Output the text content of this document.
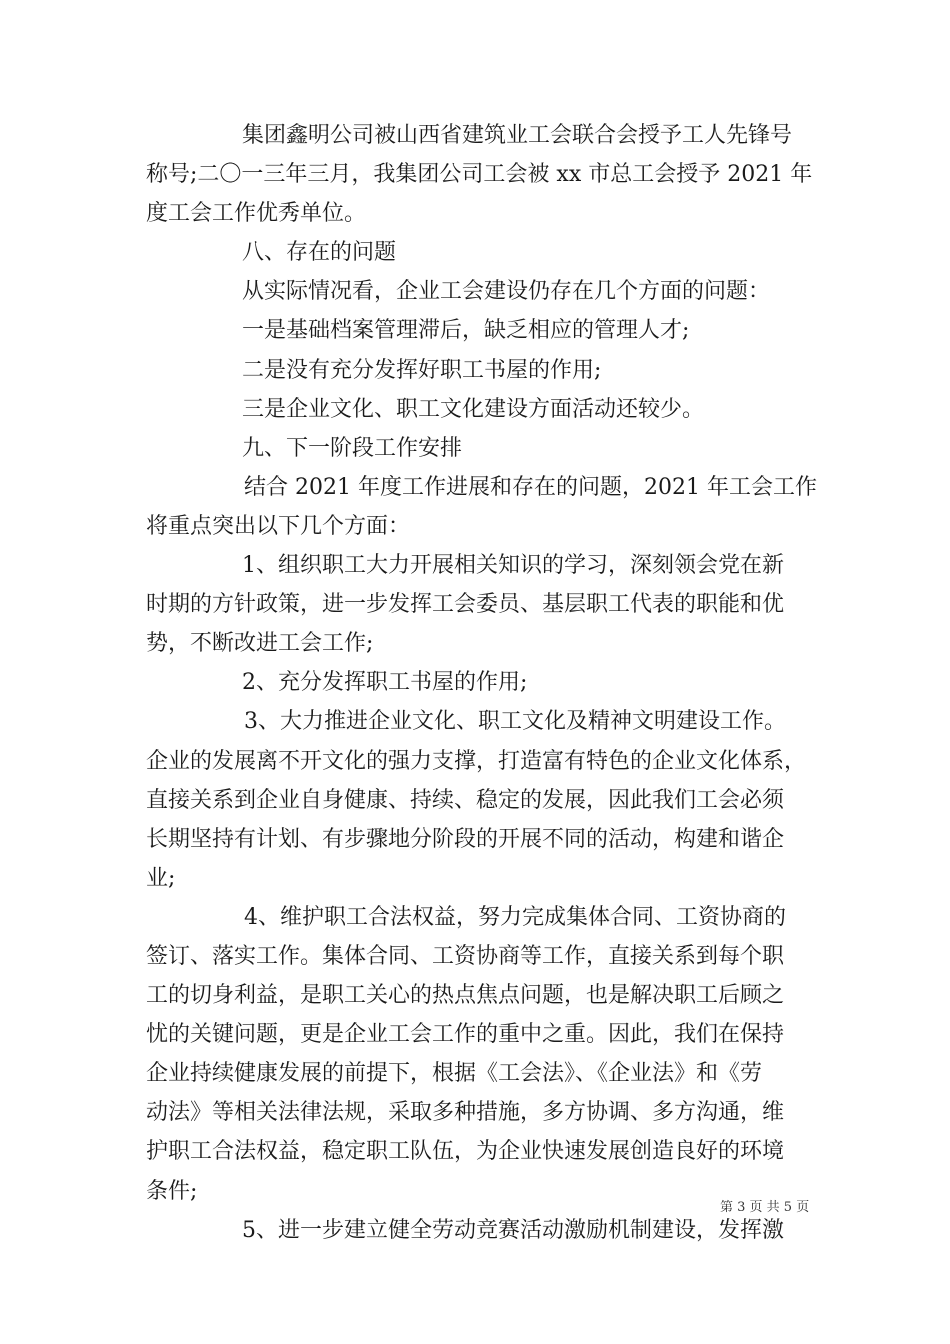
集团鑫明公司被山西省建筑业工会联合会授予工人先锋号
称号;二〇一三年三月，我集团公司工会被 xx 市总工会授予 2021 年
度工会工作优秀单位。

八、存在的问题

从实际情况看，企业工会建设仍存在几个方面的问题：

一是基础档案管理滞后，缺乏相应的管理人才;

二是没有充分发挥好职工书屋的作用;

三是企业文化、职工文化建设方面活动还较少。

九、下一阶段工作安排

结合 2021 年度工作进展和存在的问题，2021 年工会工作
将重点突出以下几个方面：

1、组织职工大力开展相关知识的学习，深刻领会党在新
时期的方针政策，进一步发挥工会委员、基层职工代表的职能和优
势，不断改进工会工作;

2、充分发挥职工书屋的作用;

3、大力推进企业文化、职工文化及精神文明建设工作。
企业的发展离不开文化的强力支撑，打造富有特色的企业文化体系，
直接关系到企业自身健康、持续、稳定的发展，因此我们工会必须
长期坚持有计划、有步骤地分阶段的开展不同的活动，构建和谐企
业;

4、维护职工合法权益，努力完成集体合同、工资协商的
签订、落实工作。集体合同、工资协商等工作，直接关系到每个职
工的切身利益，是职工关心的热点焦点问题，也是解决职工后顾之
忧的关键问题，更是企业工会工作的重中之重。因此，我们在保持
企业持续健康发展的前提下，根据《工会法》、《企业法》和《劳
动法》等相关法律法规，采取多种措施，多方协调、多方沟通，维
护职工合法权益，稳定职工队伍，为企业快速发展创造良好的环境
条件;

5、进一步建立健全劳动竞赛活动激励机制建设，发挥激

第 3 页 共 5 页
